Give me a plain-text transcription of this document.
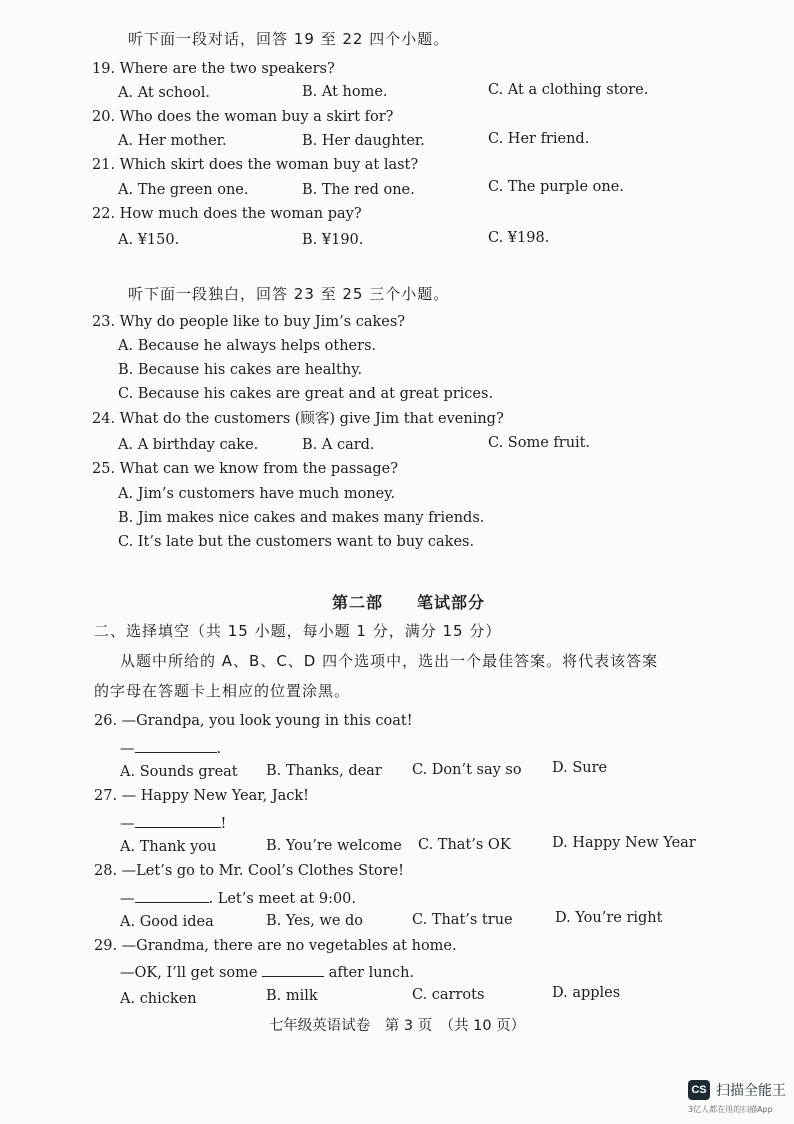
听下面一段对话，回答 19 至 22 四个小题。
19. Where are the two speakers?
A. At school.	B. At home.	C. At a clothing store.
20. Who does the woman buy a skirt for?
A. Her mother.	B. Her daughter.	C. Her friend.
21. Which skirt does the woman buy at last?
A. The green one.	B. The red one.	C. The purple one.
22. How much does the woman pay?
A. ¥150.	B. ¥190.	C. ¥198.
听下面一段独白，回答 23 至 25 三个小题。
23. Why do people like to buy Jim’s cakes?
A. Because he always helps others.
B. Because his cakes are healthy.
C. Because his cakes are great and at great prices.
24. What do the customers (顾客) give Jim that evening?
A. A birthday cake.	B. A card.	C. Some fruit.
25. What can we know from the passage?
A. Jim’s customers have much money.
B. Jim makes nice cakes and makes many friends.
C. It’s late but the customers want to buy cakes.
第二部　　笔试部分
二、选择填空（共 15 小题，每小题 1 分，满分 15 分）
从题中所给的 A、B、C、D 四个选项中，选出一个最佳答案。将代表该答案
的字母在答题卡上相应的位置涂黑。
26. —Grandpa, you look young in this coat!
—	.
A. Sounds great B. Thanks, dear C. Don’t say so D. Sure
27. — Happy New Year, Jack!
—	!
A. Thank you	B. You’re welcome C. That’s OK	D. Happy New Year
28. —Let’s go to Mr. Cool’s Clothes Store!
—	. Let’s meet at 9:00.
A. Good idea	B. Yes, we do	C. That’s true	D. You’re right
29. —Grandma, there are no vegetables at home.
—OK, I’ll get some	after lunch.
A. chicken	B. milk	C. carrots	D. apples
七年级英语试卷　第 3 页　（共 10 页）
CS 扫描全能王
3亿人都在用的扫描App
